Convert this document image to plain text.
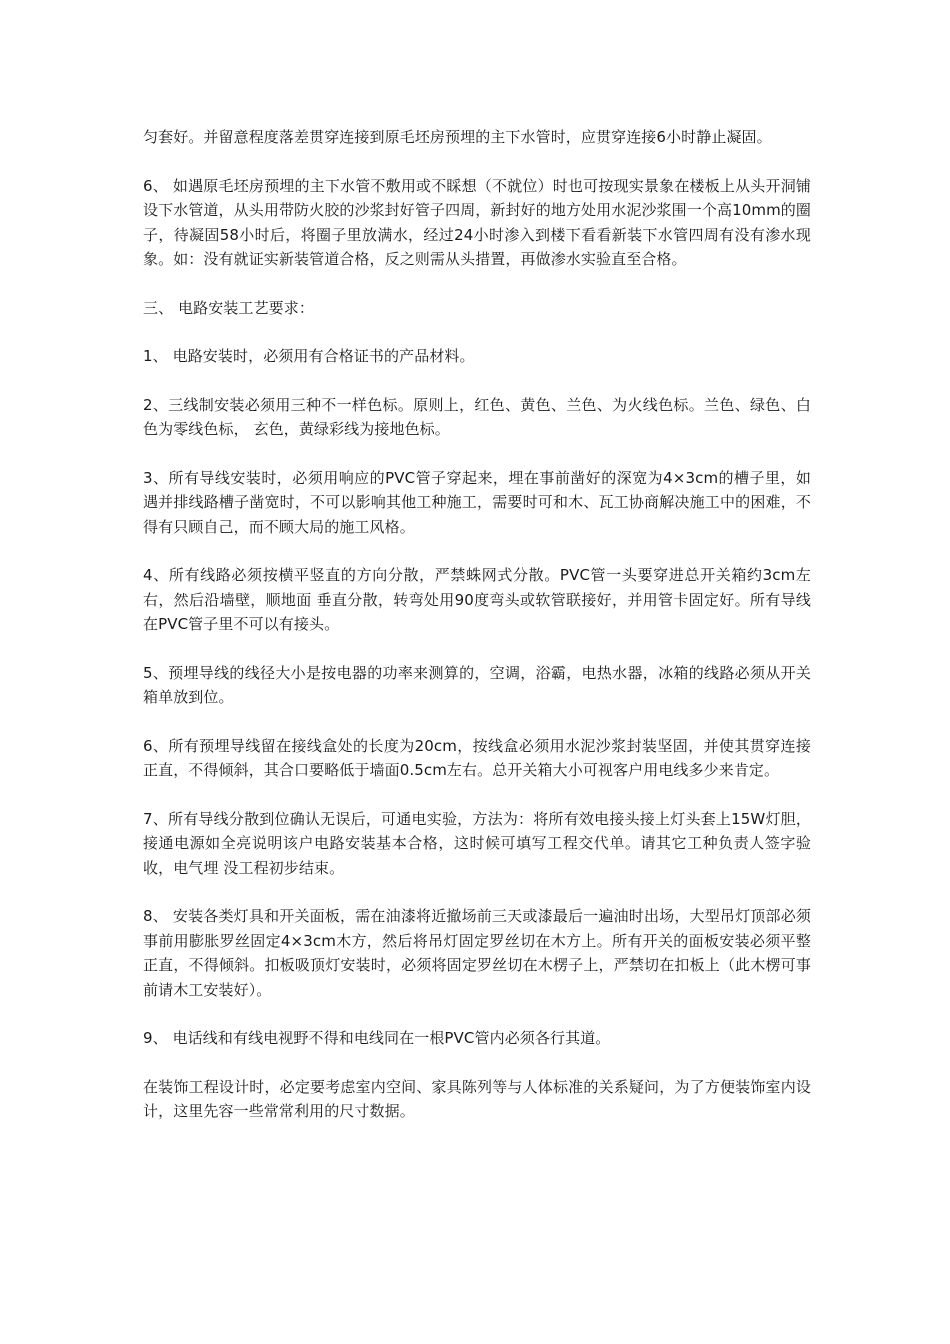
匀套好。并留意程度落差贯穿连接到原毛坯房预埋的主下水管时，应贯穿连接6小时静止凝固。

6、 如遇原毛坯房预埋的主下水管不敷用或不睬想（不就位）时也可按现实景象在楼板上从头开洞铺设下水管道，从头用带防火胶的沙浆封好管子四周，新封好的地方处用水泥沙浆围一个高10mm的圈子，待凝固58小时后，将圈子里放满水，经过24小时渗入到楼下看看新装下水管四周有没有渗水现象。如：没有就证实新装管道合格，反之则需从头措置，再做渗水实验直至合格。

三、 电路安装工艺要求：

1、 电路安装时，必须用有合格证书的产品材料。

2、三线制安装必须用三种不一样色标。原则上，红色、黄色、兰色、为火线色标。兰色、绿色、白色为零线色标， 玄色，黄绿彩线为接地色标。

3、所有导线安装时，必须用响应的PVC管子穿起来，埋在事前凿好的深宽为4×3cm的槽子里，如遇并排线路槽子凿宽时，不可以影响其他工种施工，需要时可和木、瓦工协商解决施工中的困难，不得有只顾自己，而不顾大局的施工风格。

4、所有线路必须按横平竖直的方向分散，严禁蛛网式分散。PVC管一头要穿进总开关箱约3cm左右，然后沿墙壁，顺地面 垂直分散，转弯处用90度弯头或软管联接好，并用管卡固定好。所有导线在PVC管子里不可以有接头。

5、预埋导线的线径大小是按电器的功率来测算的，空调，浴霸，电热水器，冰箱的线路必须从开关箱单放到位。

6、所有预埋导线留在接线盒处的长度为20cm，按线盒必须用水泥沙浆封装坚固，并使其贯穿连接正直，不得倾斜，其合口要略低于墙面0.5cm左右。总开关箱大小可视客户用电线多少来肯定。

7、所有导线分散到位确认无误后，可通电实验，方法为：将所有效电接头接上灯头套上15W灯胆，接通电源如全亮说明该户电路安装基本合格，这时候可填写工程交代单。请其它工种负责人签字验收，电气埋 没工程初步结束。

8、 安装各类灯具和开关面板，需在油漆将近撤场前三天或漆最后一遍油时出场，大型吊灯顶部必须事前用膨胀罗丝固定4×3cm木方，然后将吊灯固定罗丝切在木方上。所有开关的面板安装必须平整正直，不得倾斜。扣板吸顶灯安装时，必须将固定罗丝切在木楞子上，严禁切在扣板上（此木楞可事前请木工安装好）。

9、 电话线和有线电视野不得和电线同在一根PVC管内必须各行其道。

在装饰工程设计时，必定要考虑室内空间、家具陈列等与人体标准的关系疑问，为了方便装饰室内设计，这里先容一些常常利用的尺寸数据。
